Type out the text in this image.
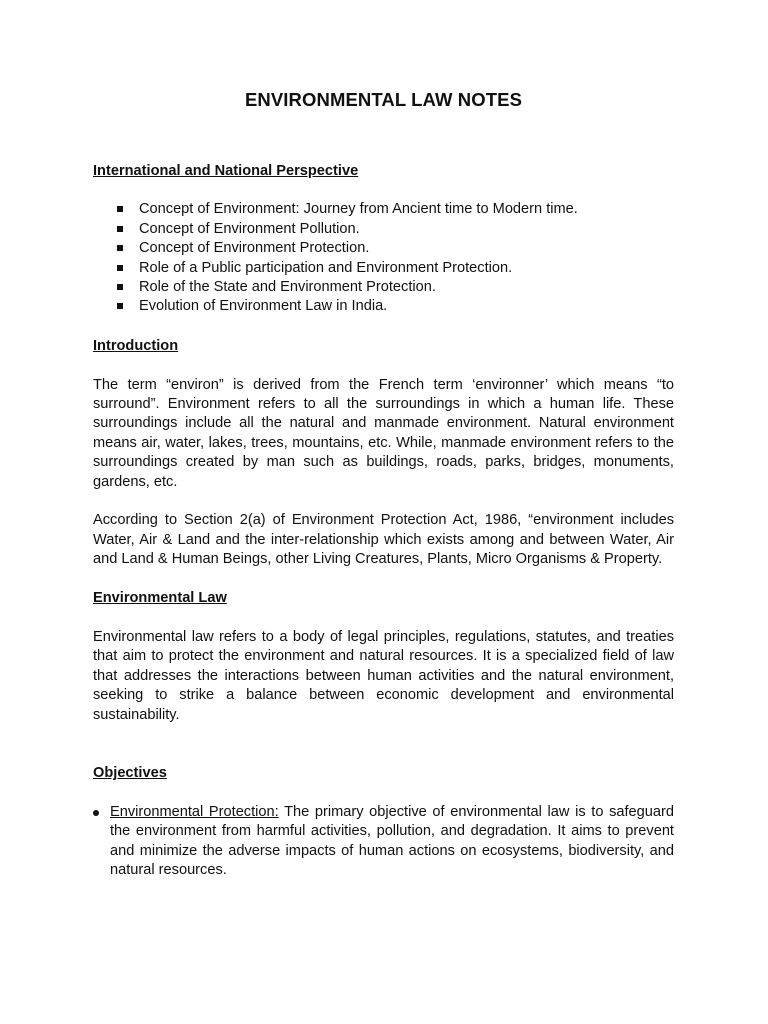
ENVIRONMENTAL LAW NOTES

International and National Perspective

Concept of Environment: Journey from Ancient time to Modern time.
Concept of Environment Pollution.
Concept of Environment Protection.
Role of a Public participation and Environment Protection.
Role of the State and Environment Protection.
Evolution of Environment Law in India.

Introduction

The term “environ” is derived from the French term ‘environner’ which means “to surround”. Environment refers to all the surroundings in which a human life. These surroundings include all the natural and manmade environment. Natural environment means air, water, lakes, trees, mountains, etc. While, manmade environment refers to the surroundings created by man such as buildings, roads, parks, bridges, monuments, gardens, etc.

According to Section 2(a) of Environment Protection Act, 1986, “environment includes Water, Air & Land and the inter-relationship which exists among and between Water, Air and Land & Human Beings, other Living Creatures, Plants, Micro Organisms & Property.

Environmental Law

Environmental law refers to a body of legal principles, regulations, statutes, and treaties that aim to protect the environment and natural resources. It is a specialized field of law that addresses the interactions between human activities and the natural environment, seeking to strike a balance between economic development and environmental sustainability.

Objectives

Environmental Protection: The primary objective of environmental law is to safeguard the environment from harmful activities, pollution, and degradation. It aims to prevent and minimize the adverse impacts of human actions on ecosystems, biodiversity, and natural resources.
